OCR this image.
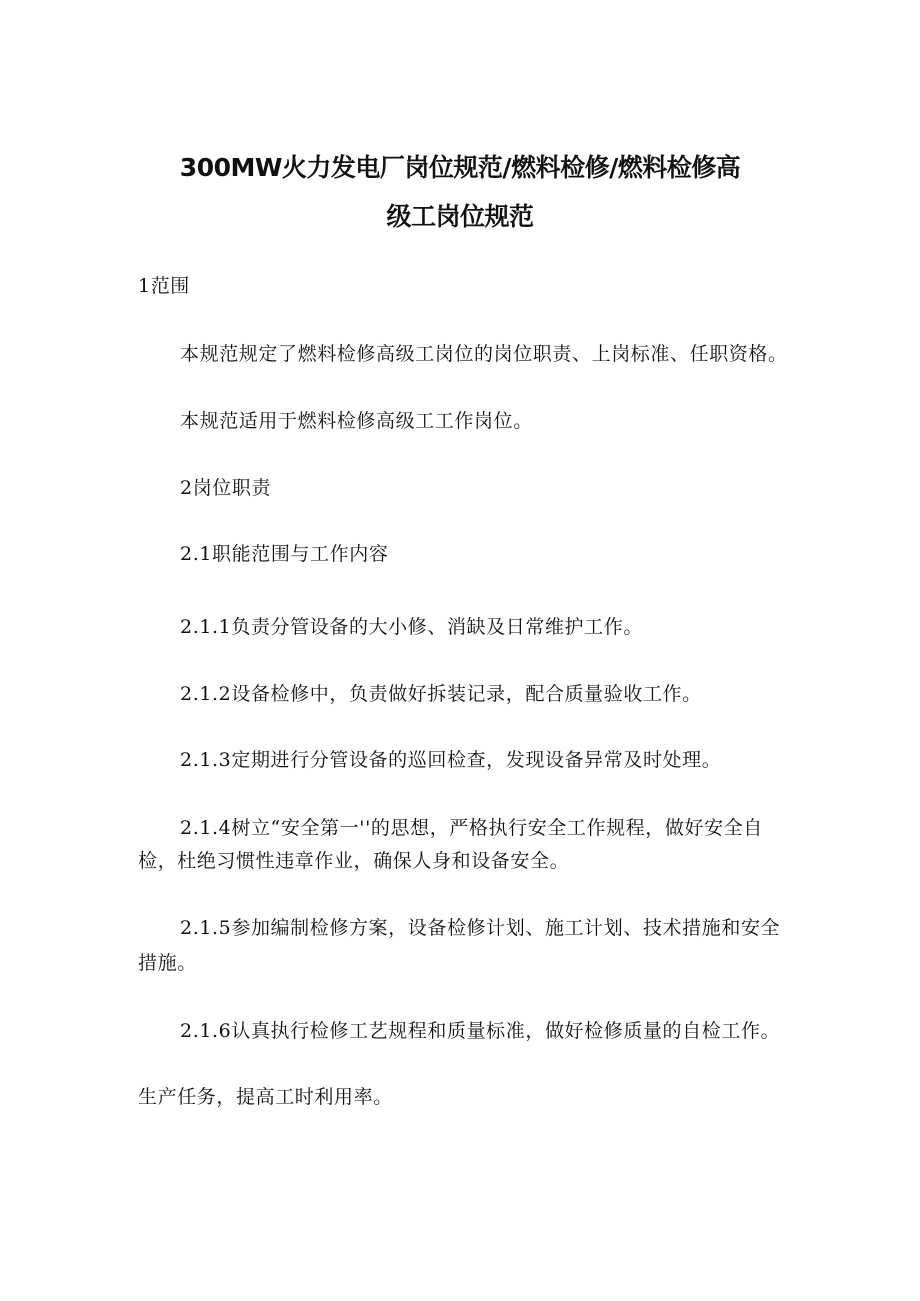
300MW火力发电厂岗位规范/燃料检修/燃料检修高
级工岗位规范
1范围
本规范规定了燃料检修高级工岗位的岗位职责、上岗标准、任职资格。
本规范适用于燃料检修高级工工作岗位。
2岗位职责
2.1职能范围与工作内容
2.1.1负责分管设备的大小修、消缺及日常维护工作。
2.1.2设备检修中，负责做好拆装记录，配合质量验收工作。
2.1.3定期进行分管设备的巡回检查，发现设备异常及时处理。
2.1.4树立“安全第一''的思想，严格执行安全工作规程，做好安全自
检，杜绝习惯性违章作业，确保人身和设备安全。
2.1.5参加编制检修方案，设备检修计划、施工计划、技术措施和安全
措施。
2.1.6认真执行检修工艺规程和质量标准，做好检修质量的自检工作。
生产任务，提高工时利用率。
